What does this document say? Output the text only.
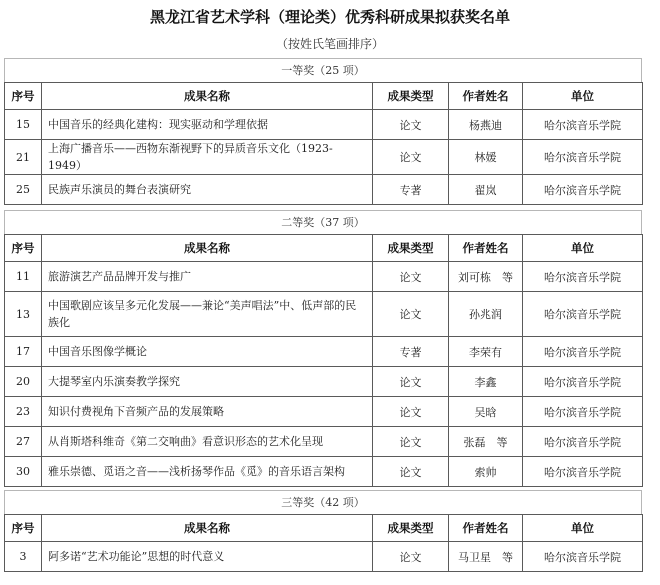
黑龙江省艺术学科（理论类）优秀科研成果拟获奖名单
（按姓氏笔画排序）
一等奖（25 项）
序号	成果名称	成果类型	作者姓名	单位
15	中国音乐的经典化建构：现实驱动和学理依据	论文	杨燕迪	哈尔滨音乐学院
21	上海广播音乐——西物东渐视野下的异质音乐文化（1923-1949）	论文	林媛	哈尔滨音乐学院
25	民族声乐演员的舞台表演研究	专著	翟岚	哈尔滨音乐学院
二等奖（37 项）
序号	成果名称	成果类型	作者姓名	单位
11	旅游演艺产品品牌开发与推广	论文	刘可栋　等	哈尔滨音乐学院
13	中国歌剧应该呈多元化发展——兼论“美声唱法”中、低声部的民族化	论文	孙兆润	哈尔滨音乐学院
17	中国音乐图像学概论	专著	李荣有	哈尔滨音乐学院
20	大提琴室内乐演奏教学探究	论文	李鑫	哈尔滨音乐学院
23	知识付费视角下音频产品的发展策略	论文	吴晗	哈尔滨音乐学院
27	从肖斯塔科维奇《第二交响曲》看意识形态的艺术化呈现	论文	张磊　等	哈尔滨音乐学院
30	雅乐崇德、觅语之音——浅析扬琴作品《觅》的音乐语言架构	论文	索帅	哈尔滨音乐学院
三等奖（42 项）
序号	成果名称	成果类型	作者姓名	单位
3	阿多诺“艺术功能论”思想的时代意义	论文	马卫星　等	哈尔滨音乐学院
